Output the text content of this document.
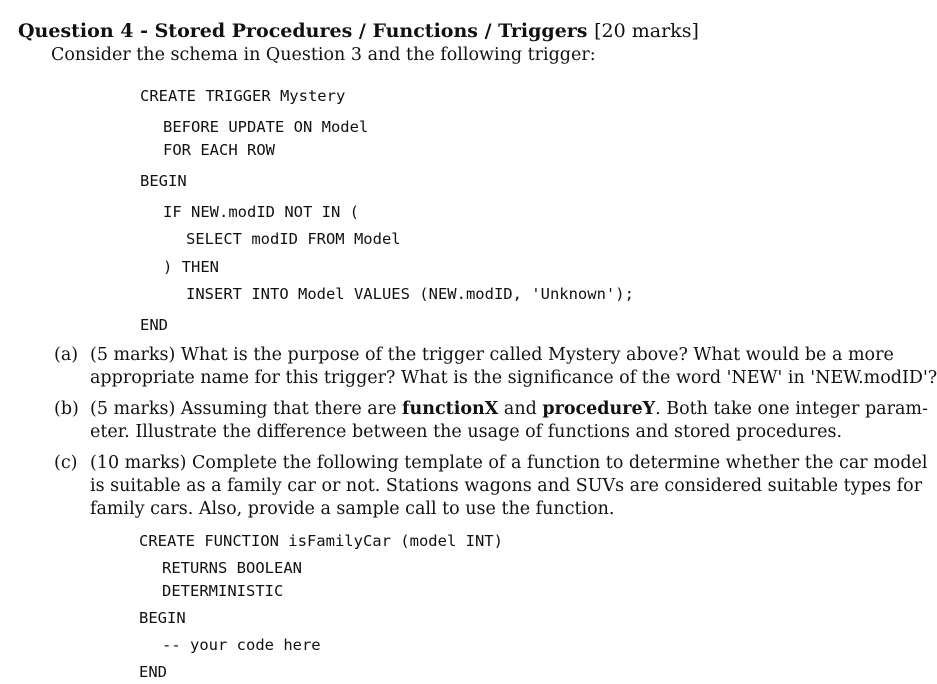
Question 4 - Stored Procedures / Functions / Triggers [20 marks]
Consider the schema in Question 3 and the following trigger:
CREATE TRIGGER Mystery
BEFORE UPDATE ON Model
FOR EACH ROW
BEGIN
IF NEW.modID NOT IN (
SELECT modID FROM Model
) THEN
INSERT INTO Model VALUES (NEW.modID, 'Unknown');
END
(a) (5 marks) What is the purpose of the trigger called Mystery above? What would be a more
appropriate name for this trigger? What is the significance of the word 'NEW' in 'NEW.modID'?
(b) (5 marks) Assuming that there are functionX and procedureY. Both take one integer param-
eter. Illustrate the difference between the usage of functions and stored procedures.
(c) (10 marks) Complete the following template of a function to determine whether the car model
is suitable as a family car or not. Stations wagons and SUVs are considered suitable types for
family cars. Also, provide a sample call to use the function.
CREATE FUNCTION isFamilyCar (model INT)
RETURNS BOOLEAN
DETERMINISTIC
BEGIN
-- your code here
END
